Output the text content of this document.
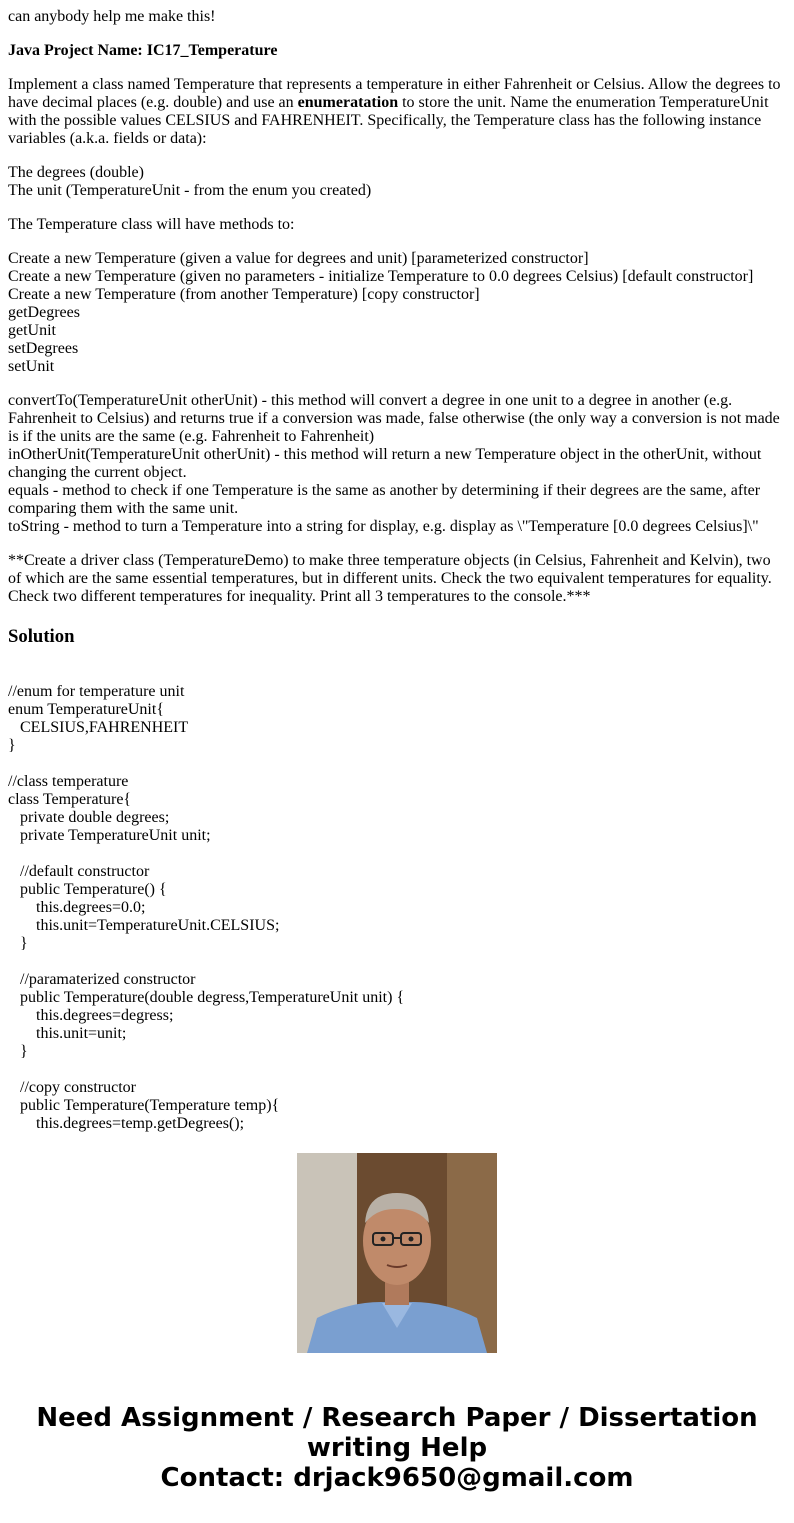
can anybody help me make this!

Java Project Name: IC17_Temperature

Implement a class named Temperature that represents a temperature in either Fahrenheit or Celsius. Allow the degrees to have decimal places (e.g. double) and use an enumeratation to store the unit. Name the enumeration TemperatureUnit with the possible values CELSIUS and FAHRENHEIT. Specifically, the Temperature class has the following instance variables (a.k.a. fields or data):

The degrees (double)
The unit (TemperatureUnit - from the enum you created)

The Temperature class will have methods to:

Create a new Temperature (given a value for degrees and unit) [parameterized constructor]
Create a new Temperature (given no parameters - initialize Temperature to 0.0 degrees Celsius) [default constructor]
Create a new Temperature (from another Temperature) [copy constructor]
getDegrees
getUnit
setDegrees
setUnit
convertTo(TemperatureUnit otherUnit) - this method will convert a degree in one unit to a degree in another (e.g. Fahrenheit to Celsius) and returns true if a conversion was made, false otherwise (the only way a conversion is not made is if the units are the same (e.g. Fahrenheit to Fahrenheit)
inOtherUnit(TemperatureUnit otherUnit) - this method will return a new Temperature object in the otherUnit, without changing the current object.
equals - method to check if one Temperature is the same as another by determining if their degrees are the same, after comparing them with the same unit.
toString - method to turn a Temperature into a string for display, e.g. display as \"Temperature [0.0 degrees Celsius]\"

**Create a driver class (TemperatureDemo) to make three temperature objects (in Celsius, Fahrenheit and Kelvin), two of which are the same essential temperatures, but in different units. Check the two equivalent temperatures for equality. Check two different temperatures for inequality. Print all 3 temperatures to the console.***

Solution
//enum for temperature unit
enum TemperatureUnit{
CELSIUS,FAHRENHEIT
}
//class temperature
class Temperature{
private double degrees;
private TemperatureUnit unit;
//default constructor
public Temperature() {
this.degrees=0.0;
this.unit=TemperatureUnit.CELSIUS;
}
//paramaterized constructor
public Temperature(double degress,TemperatureUnit unit) {
this.degrees=degress;
this.unit=unit;
}
//copy constructor
public Temperature(Temperature temp){
this.degrees=temp.getDegrees();
Need Assignment / Research Paper / Dissertation
writing Help
Contact: drjack9650@gmail.com
